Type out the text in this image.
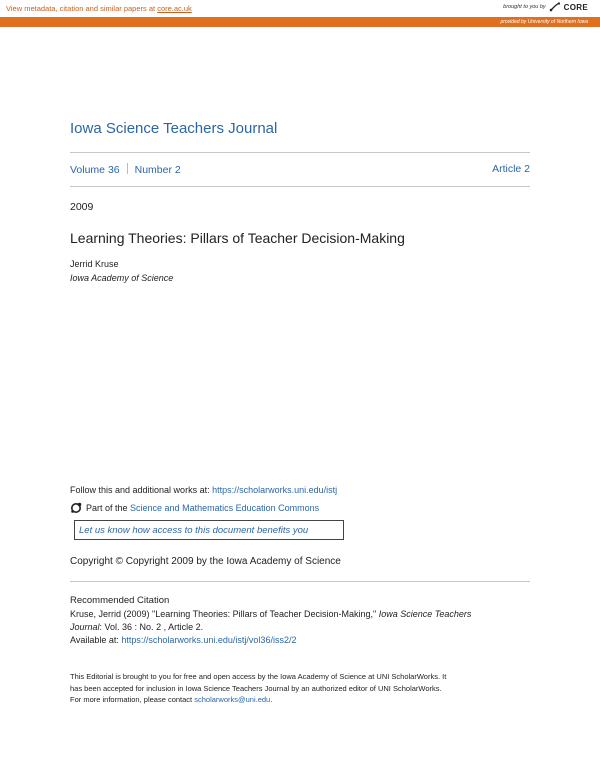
View metadata, citation and similar papers at core.ac.uk	brought to you by CORE
provided by University of Northern Iowa
Iowa Science Teachers Journal
Volume 36 Number 2	Article 2
2009
Learning Theories: Pillars of Teacher Decision-Making
Jerrid Kruse
Iowa Academy of Science
Follow this and additional works at: https://scholarworks.uni.edu/istj
Part of the Science and Mathematics Education Commons
Let us know how access to this document benefits you
Copyright © Copyright 2009 by the Iowa Academy of Science
Recommended Citation
Kruse, Jerrid (2009) "Learning Theories: Pillars of Teacher Decision-Making," Iowa Science Teachers
Journal: Vol. 36 : No. 2 , Article 2.
Available at: https://scholarworks.uni.edu/istj/vol36/iss2/2
This Editorial is brought to you for free and open access by the Iowa Academy of Science at UNI ScholarWorks. It
has been accepted for inclusion in Iowa Science Teachers Journal by an authorized editor of UNI ScholarWorks.
For more information, please contact scholarworks@uni.edu.
